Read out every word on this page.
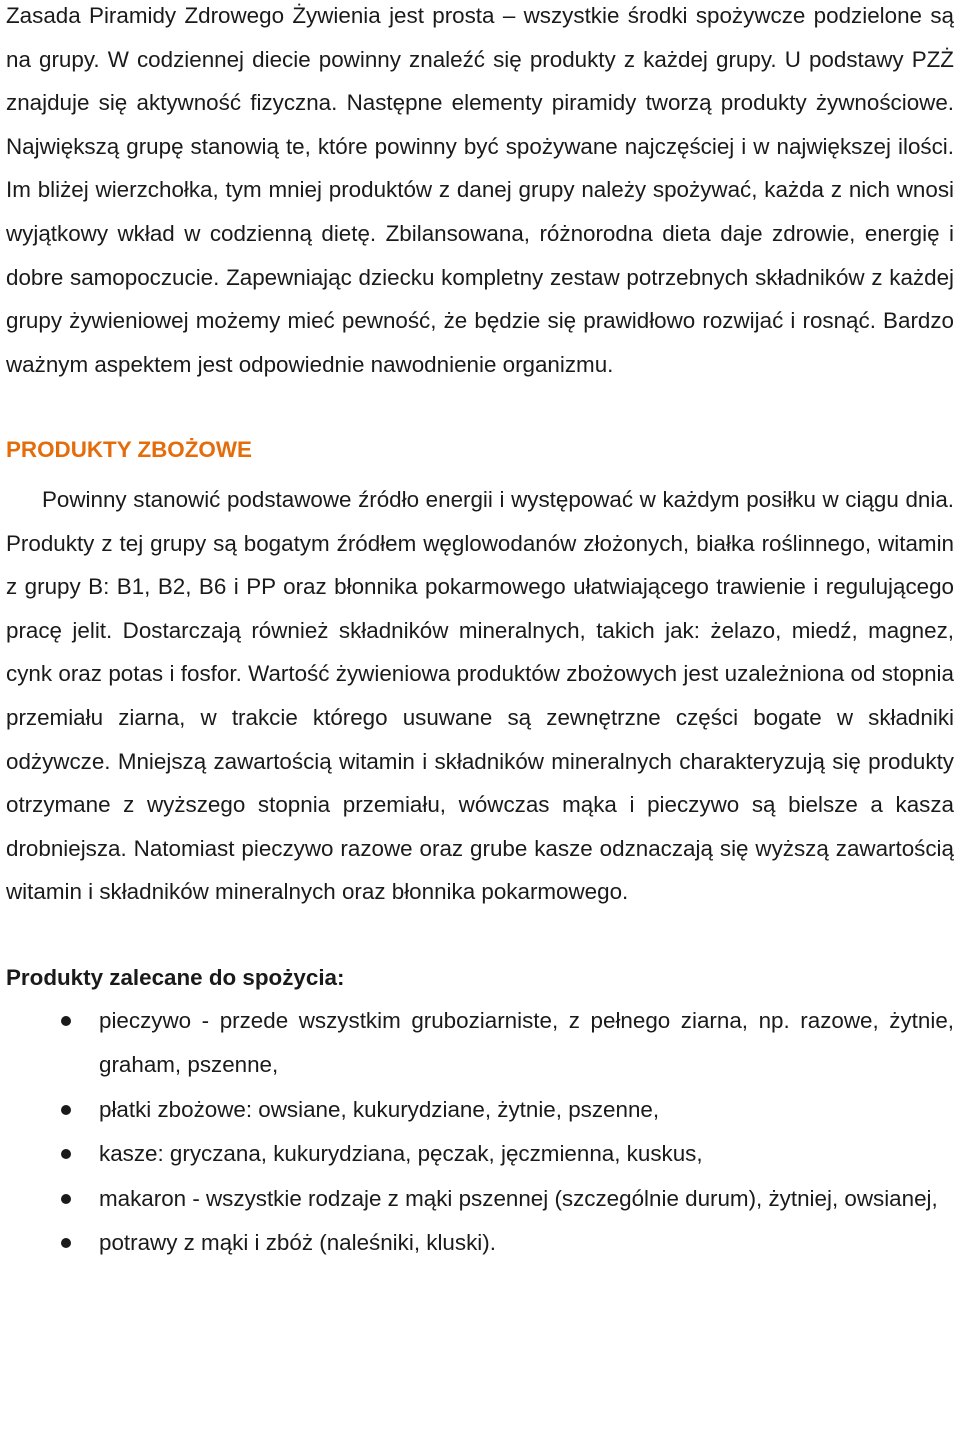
Zasada Piramidy Zdrowego Żywienia jest prosta – wszystkie środki spożywcze podzielone są na grupy. W codziennej diecie powinny znaleźć się produkty z każdej grupy. U podstawy PZŻ znajduje się aktywność fizyczna. Następne elementy piramidy tworzą produkty żywnościowe. Największą grupę stanowią te, które powinny być spożywane najczęściej i w największej ilości. Im bliżej wierzchołka, tym mniej produktów z danej grupy należy spożywać, każda z nich wnosi wyjątkowy wkład w codzienną dietę. Zbilansowana, różnorodna dieta daje zdrowie, energię i dobre samopoczucie. Zapewniając dziecku kompletny zestaw potrzebnych składników z każdej grupy żywieniowej możemy mieć pewność, że będzie się prawidłowo rozwijać i rosnąć. Bardzo ważnym aspektem jest odpowiednie nawodnienie organizmu.

PRODUKTY ZBOŻOWE

Powinny stanowić podstawowe źródło energii i występować w każdym posiłku w ciągu dnia. Produkty z tej grupy są bogatym źródłem węglowodanów złożonych, białka roślinnego, witamin z grupy B: B1, B2, B6 i PP oraz błonnika pokarmowego ułatwiającego trawienie i regulującego pracę jelit. Dostarczają również składników mineralnych, takich jak: żelazo, miedź, magnez, cynk oraz potas i fosfor. Wartość żywieniowa produktów zbożowych jest uzależniona od stopnia przemiału ziarna, w trakcie którego usuwane są zewnętrzne części bogate w składniki odżywcze. Mniejszą zawartością witamin i składników mineralnych charakteryzują się produkty otrzymane z wyższego stopnia przemiału, wówczas mąka i pieczywo są bielsze a kasza drobniejsza. Natomiast pieczywo razowe oraz grube kasze odznaczają się wyższą zawartością witamin i składników mineralnych oraz błonnika pokarmowego.

Produkty zalecane do spożycia:

pieczywo - przede wszystkim gruboziarniste, z pełnego ziarna, np. razowe, żytnie, graham, pszenne,
płatki zbożowe: owsiane, kukurydziane, żytnie, pszenne,
kasze: gryczana, kukurydziana, pęczak, jęczmienna, kuskus,
makaron - wszystkie rodzaje z mąki pszennej (szczególnie durum), żytniej, owsianej,
potrawy z mąki i zbóż (naleśniki, kluski).
